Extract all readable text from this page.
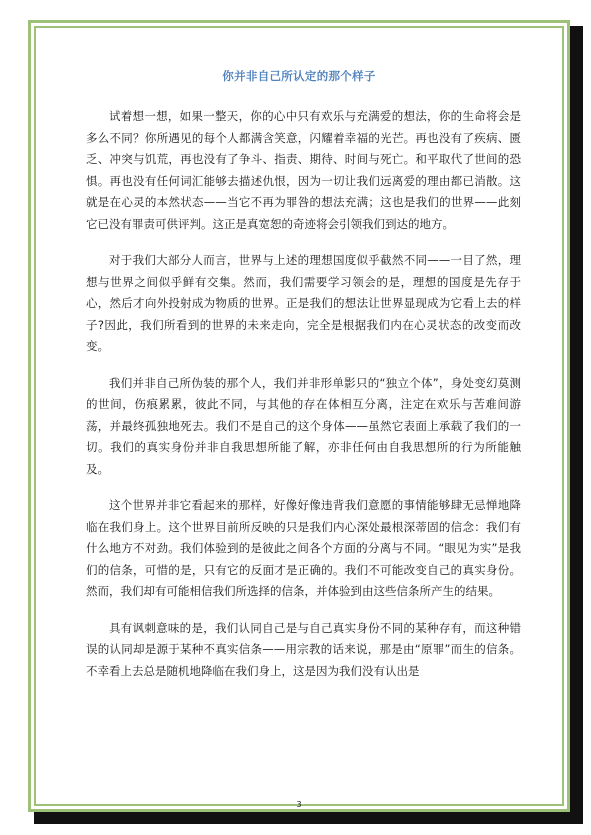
你并非自己所认定的那个样子

试着想一想，如果一整天，你的心中只有欢乐与充满爱的想法，你的生命将会是多么不同？你所遇见的每个人都满含笑意，闪耀着幸福的光芒。再也没有了疾病、匮乏、冲突与饥荒，再也没有了争斗、指责、期待、时间与死亡。和平取代了世间的恐惧。再也没有任何词汇能够去描述仇恨，因为一切让我们远离爱的理由都已消散。这就是在心灵的本然状态——当它不再为罪咎的想法充满；这也是我们的世界——此刻它已没有罪责可供评判。这正是真宽恕的奇迹将会引领我们到达的地方。

对于我们大部分人而言，世界与上述的理想国度似乎截然不同——一目了然，理想与世界之间似乎鲜有交集。然而，我们需要学习领会的是，理想的国度是先存于心，然后才向外投射成为物质的世界。正是我们的想法让世界显现成为它看上去的样子?因此，我们所看到的世界的未来走向，完全是根据我们内在心灵状态的改变而改变。

我们并非自己所伪装的那个人，我们并非形单影只的“独立个体”，身处变幻莫测的世间，伤痕累累，彼此不同，与其他的存在体相互分离，注定在欢乐与苦难间游荡，并最终孤独地死去。我们不是自己的这个身体——虽然它表面上承载了我们的一切。我们的真实身份并非自我思想所能了解，亦非任何由自我思想所的行为所能触及。

这个世界并非它看起来的那样，好像好像违背我们意愿的事情能够肆无忌惮地降临在我们身上。这个世界目前所反映的只是我们内心深处最根深蒂固的信念：我们有什么地方不对劲。我们体验到的是彼此之间各个方面的分离与不同。“眼见为实”是我们的信条，可惜的是，只有它的反面才是正确的。我们不可能改变自己的真实身份。然而，我们却有可能相信我们所选择的信条，并体验到由这些信条所产生的结果。

具有讽刺意味的是，我们认同自己是与自己真实身份不同的某种存有，而这种错误的认同却是源于某种不真实信条——用宗教的话来说，那是由“原罪”而生的信条。不幸看上去总是随机地降临在我们身上，这是因为我们没有认出是

3
